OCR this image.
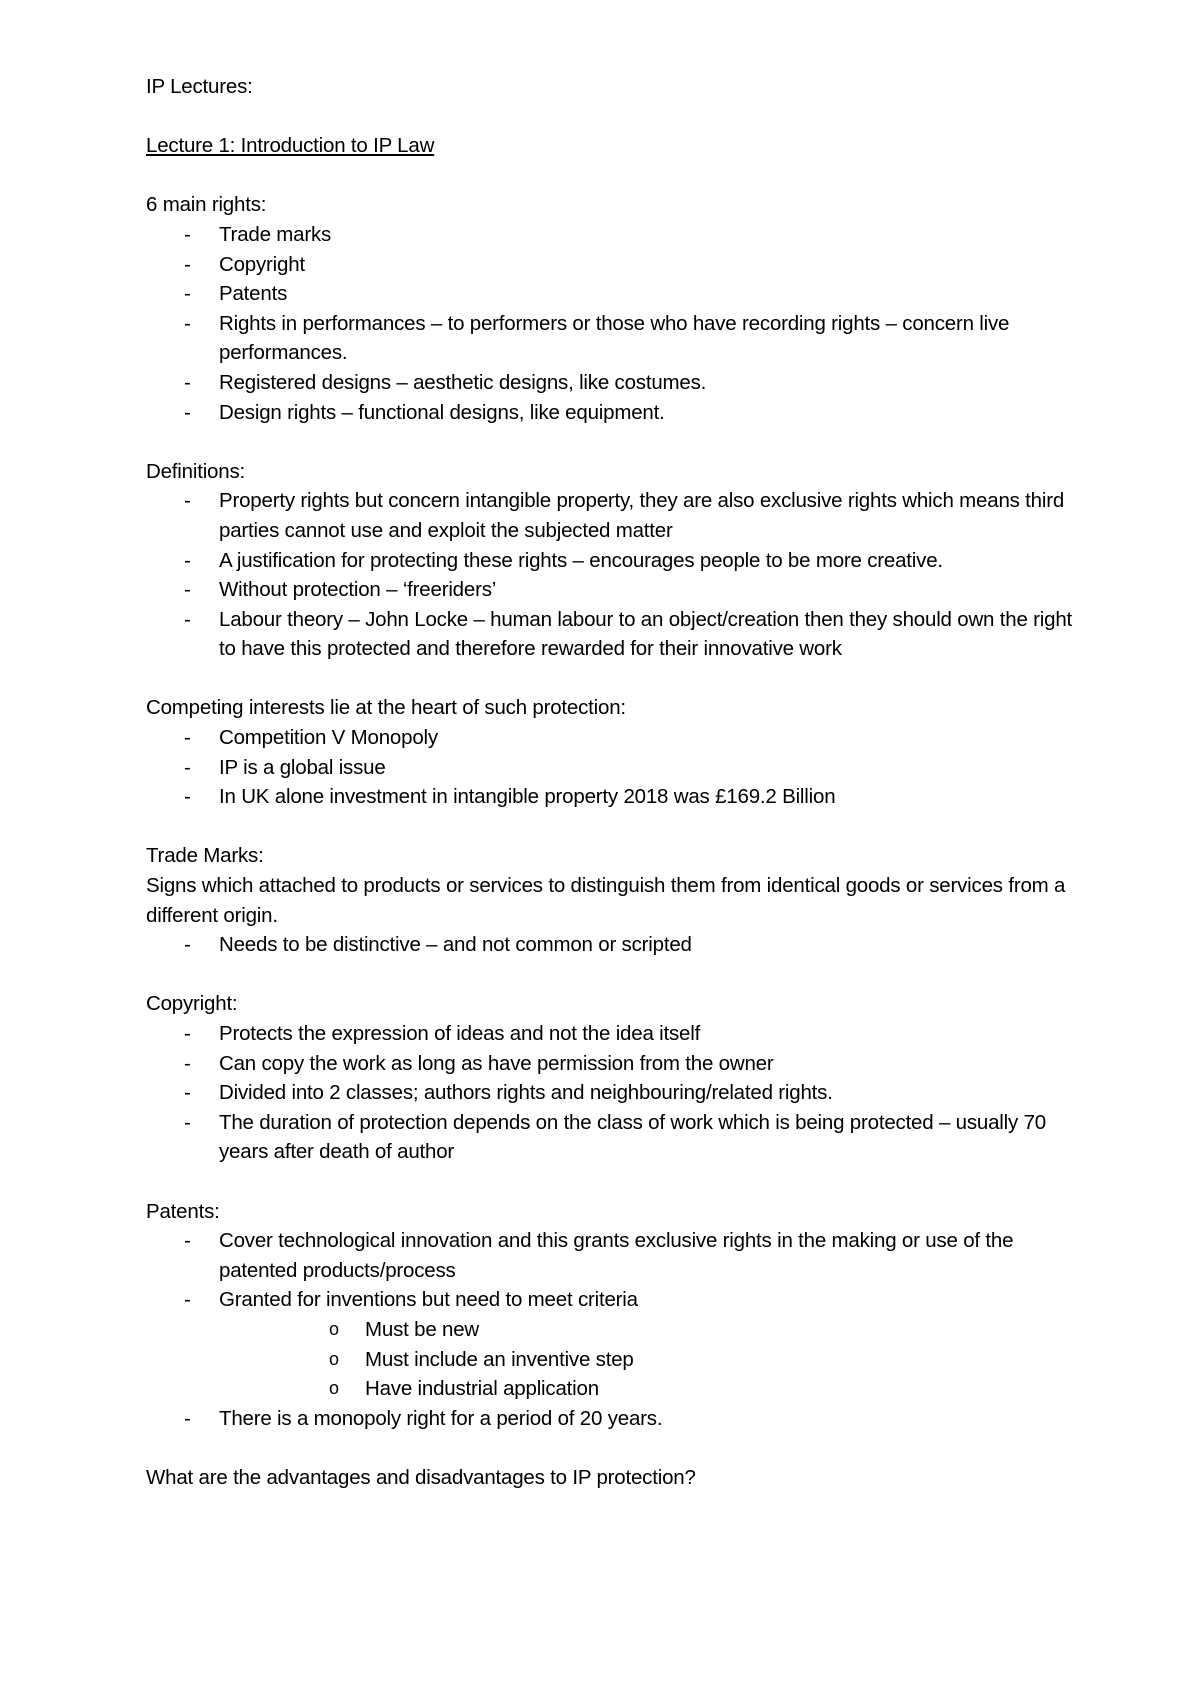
IP Lectures:

Lecture 1: Introduction to IP Law

6 main rights:

- Trade marks
- Copyright
- Patents
- Rights in performances – to performers or those who have recording rights – concern live performances.
- Registered designs – aesthetic designs, like costumes.
- Design rights – functional designs, like equipment.

Definitions:

- Property rights but concern intangible property, they are also exclusive rights which means third parties cannot use and exploit the subjected matter
- A justification for protecting these rights – encourages people to be more creative.
- Without protection – ‘freeriders’
- Labour theory – John Locke – human labour to an object/creation then they should own the right to have this protected and therefore rewarded for their innovative work

Competing interests lie at the heart of such protection:

- Competition V Monopoly
- IP is a global issue
- In UK alone investment in intangible property 2018 was £169.2 Billion

Trade Marks:

Signs which attached to products or services to distinguish them from identical goods or services from a different origin.

- Needs to be distinctive – and not common or scripted

Copyright:

- Protects the expression of ideas and not the idea itself
- Can copy the work as long as have permission from the owner
- Divided into 2 classes; authors rights and neighbouring/related rights.
- The duration of protection depends on the class of work which is being protected – usually 70 years after death of author

Patents:

- Cover technological innovation and this grants exclusive rights in the making or use of the patented products/process
- Granted for inventions but need to meet criteria
o Must be new
o Must include an inventive step
o Have industrial application
- There is a monopoly right for a period of 20 years.

What are the advantages and disadvantages to IP protection?
